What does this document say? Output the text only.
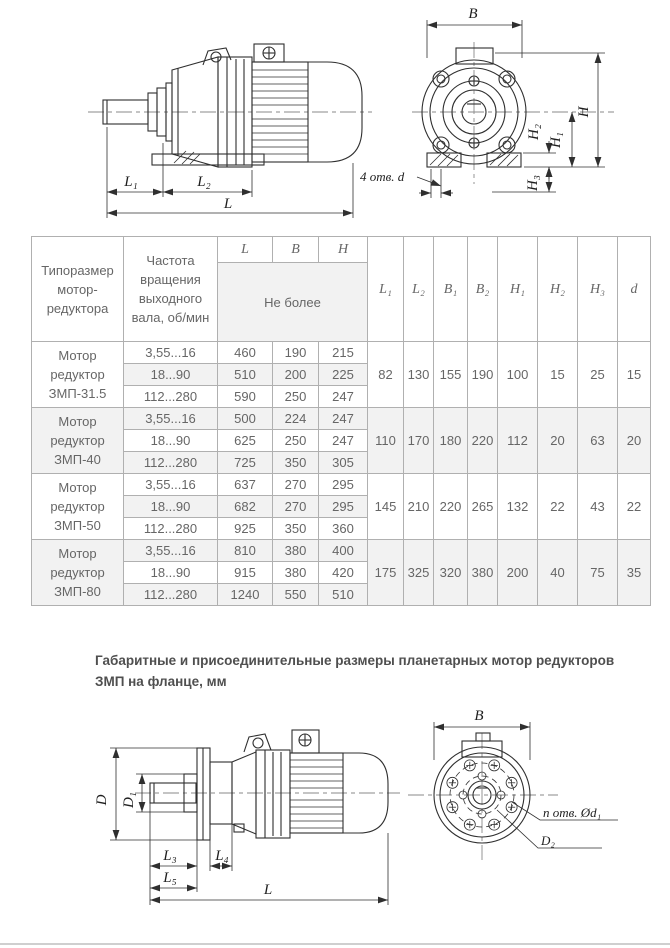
L₁	L₂
L
B
H
H₂ H₁
H₃
4 отв. d
Типоразмер мотор-редуктора	Частота вращения выходного вала, об/мин	L	B	H	L₁	L₂	B₁	B₂	H₁	H₂	H₃	d
		Не более										
Мотор редуктор ЗМП-31.5	3,55...16	460	190	215	82	130	155	190	100	15	25	15
	18...90	510	200	225								
	112...280	590	250	247								
Мотор редуктор ЗМП-40	3,55...16	500	224	247	110	170	180	220	112	20	63	20
	18...90	625	250	247								
	112...280	725	350	305								
Мотор редуктор ЗМП-50	3,55...16	637	270	295	145	210	220	265	132	22	43	22
	18...90	682	270	295								
	112...280	925	350	360								
Мотор редуктор ЗМП-80	3,55...16	810	380	400	175	325	320	380	200	40	75	35
	18...90	915	380	420								
	112...280	1240	550	510								
Габаритные и присоединительные размеры планетарных мотор редукторов ЗМП на фланце, мм
D D₁
L₃	L₄
L₅
L
B
n отв. Ød₁
D₂
